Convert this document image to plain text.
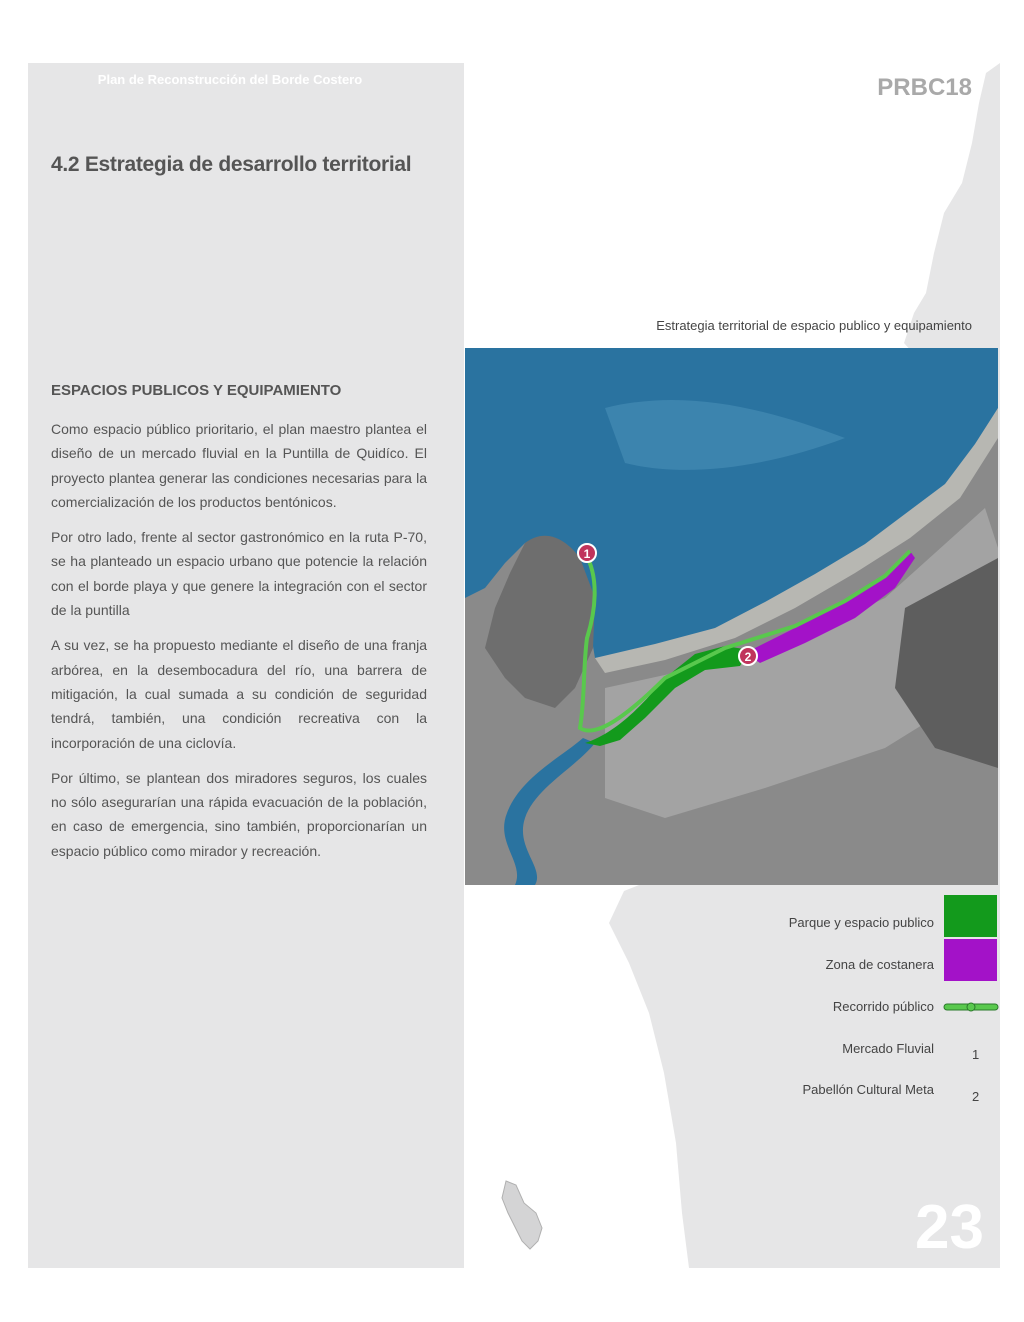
Plan de Reconstrucción del Borde Costero
4.2 Estrategia de desarrollo territorial
ESPACIOS PUBLICOS Y EQUIPAMIENTO

Como espacio público prioritario, el plan maestro plantea el diseño de un mercado fluvial en la Puntilla de Quidíco. El proyecto plantea generar las condiciones necesarias para la comercialización de los productos bentónicos.

Por otro lado, frente al sector gastronómico en la ruta P-70, se ha planteado un espacio urbano que potencie la relación con el borde playa y que genere la integración con el sector de la puntilla

A su vez, se ha propuesto mediante el diseño de una franja arbórea, en la desembocadura del río, una barrera de mitigación, la cual sumada a su condición de seguridad tendrá, también, una condición recreativa con la incorporación de una ciclovía.

Por último, se plantean dos miradores seguros, los cuales no sólo asegurarían una rápida evacuación de la población, en caso de emergencia, sino también, proporcionarían un espacio público como mirador y recreación.

PRBC18
Estrategia territorial de espacio publico y equipamiento
1
2
Parque y espacio publico
Zona de costanera
Recorrido público
Mercado Fluvial	1
Pabellón Cultural Meta	2
23
